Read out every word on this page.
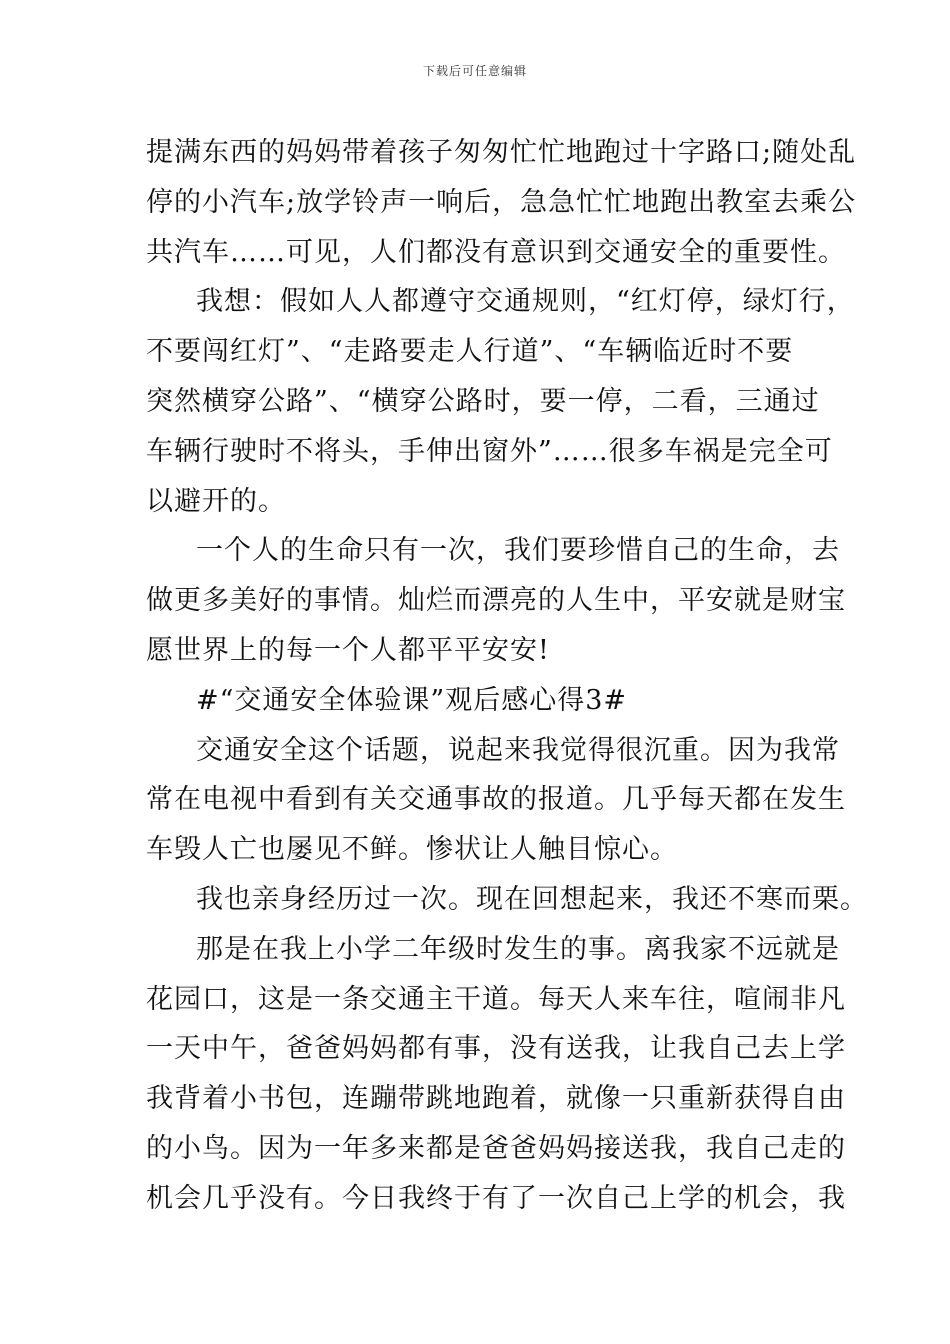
下载后可任意编辑
提满东西的妈妈带着孩子匆匆忙忙地跑过十字路口;随处乱
停的小汽车;放学铃声一响后，急急忙忙地跑出教室去乘公
共汽车……可见，人们都没有意识到交通安全的重要性。
我想：假如人人都遵守交通规则，“红灯停，绿灯行，
不要闯红灯”、“走路要走人行道”、“车辆临近时不要
突然横穿公路”、“横穿公路时，要一停，二看，三通过
车辆行驶时不将头，手伸出窗外”……很多车祸是完全可
以避开的。
一个人的生命只有一次，我们要珍惜自己的生命，去
做更多美好的事情。灿烂而漂亮的人生中，平安就是财宝
愿世界上的每一个人都平平安安!
#“交通安全体验课”观后感心得3#
交通安全这个话题，说起来我觉得很沉重。因为我常
常在电视中看到有关交通事故的报道。几乎每天都在发生
车毁人亡也屡见不鲜。惨状让人触目惊心。
我也亲身经历过一次。现在回想起来，我还不寒而栗。
那是在我上小学二年级时发生的事。离我家不远就是
花园口，这是一条交通主干道。每天人来车往，喧闹非凡
一天中午，爸爸妈妈都有事，没有送我，让我自己去上学
我背着小书包，连蹦带跳地跑着，就像一只重新获得自由
的小鸟。因为一年多来都是爸爸妈妈接送我，我自己走的
机会几乎没有。今日我终于有了一次自己上学的机会，我
